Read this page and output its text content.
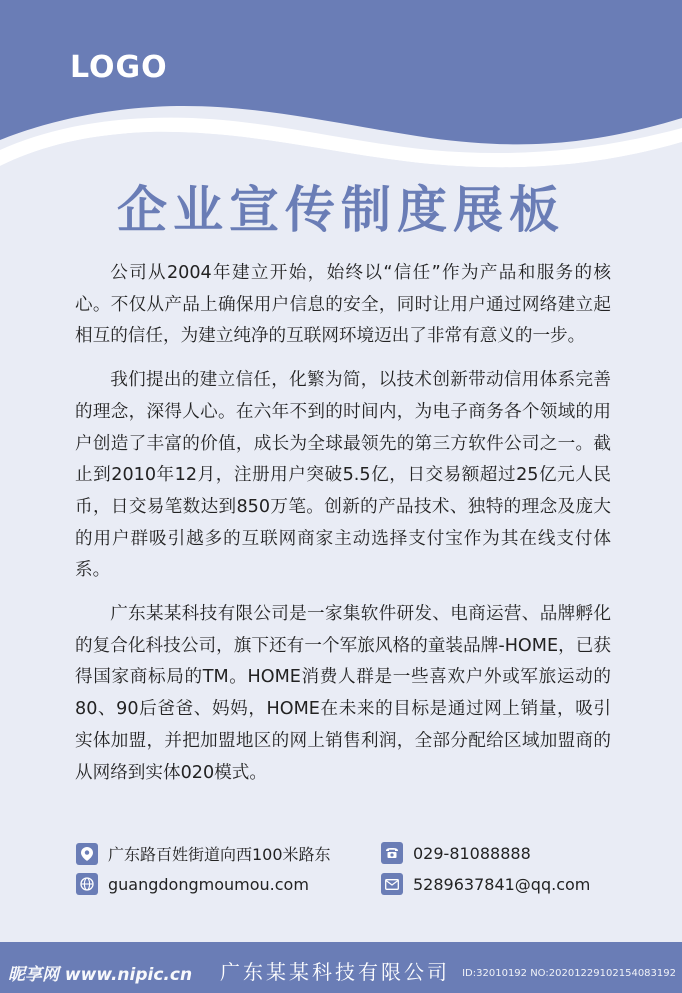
LOGO
企业宣传制度展板

公司从2004年建立开始，始终以“信任”作为产品和服务的核心。不仅从产品上确保用户信息的安全，同时让用户通过网络建立起相互的信任，为建立纯净的互联网环境迈出了非常有意义的一步。

我们提出的建立信任，化繁为简，以技术创新带动信用体系完善的理念，深得人心。在六年不到的时间内，为电子商务各个领域的用户创造了丰富的价值，成长为全球最领先的第三方软件公司之一。截止到2010年12月，注册用户突破5.5亿，日交易额超过25亿元人民币，日交易笔数达到850万笔。创新的产品技术、独特的理念及庞大的用户群吸引越多的互联网商家主动选择支付宝作为其在线支付体系。

广东某某科技有限公司是一家集软件研发、电商运营、品牌孵化的复合化科技公司，旗下还有一个军旅风格的童装品牌-HOME，已获得国家商标局的TM。HOME消费人群是一些喜欢户外或军旅运动的80、90后爸爸、妈妈，HOME在未来的目标是通过网上销量，吸引实体加盟，并把加盟地区的网上销售利润，全部分配给区域加盟商的从网络到实体020模式。

广东路百姓街道向西100米路东	029-81088888
guangdongmoumou.com	5289637841@qq.com
昵享网 www.nipic.cn 广东某某科技有限公司 ID:32010192 NO:20201229102154083192
